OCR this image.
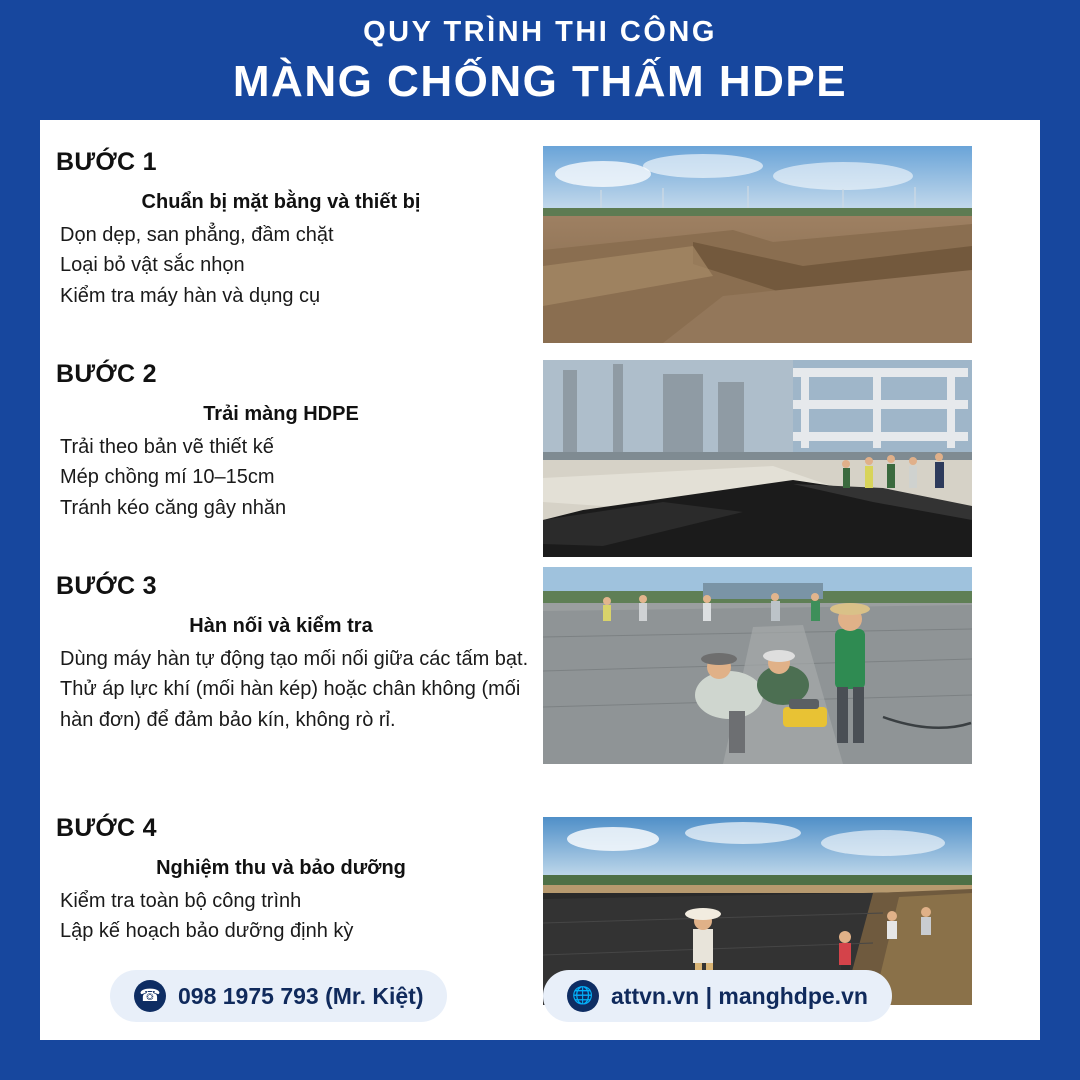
QUY TRÌNH THI CÔNG
MÀNG CHỐNG THẤM HDPE
BƯỚC 1
Chuẩn bị mặt bằng và thiết bị
Dọn dẹp, san phẳng, đầm chặt
Loại bỏ vật sắc nhọn
Kiểm tra máy hàn và dụng cụ
BƯỚC 2
Trải màng HDPE
Trải theo bản vẽ thiết kế
Mép chồng mí 10–15cm
Tránh kéo căng gây nhăn
BƯỚC 3
Hàn nối và kiểm tra
Dùng máy hàn tự động tạo mối nối giữa các tấm bạt.
Thử áp lực khí (mối hàn kép) hoặc chân không (mối hàn đơn) để đảm bảo kín, không rò rỉ.
BƯỚC 4
Nghiệm thu và bảo dưỡng
Kiểm tra toàn bộ công trình
Lập kế hoạch bảo dưỡng định kỳ
☎ 098 1975 793 (Mr. Kiệt)	🌐 attvn.vn | manghdpe.vn
